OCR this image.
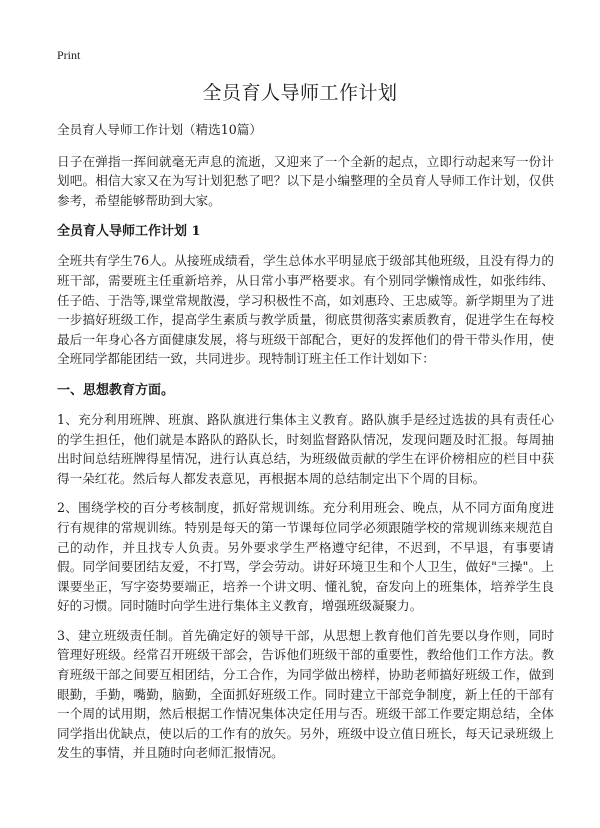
Print
全员育人导师工作计划

全员育人导师工作计划（精选10篇）

日子在弹指一挥间就毫无声息的流逝，又迎来了一个全新的起点，立即行动起来写一份计划吧。相信大家又在为写计划犯愁了吧？以下是小编整理的全员育人导师工作计划，仅供参考，希望能够帮助到大家。

全员育人导师工作计划 1

全班共有学生76人。从接班成绩看，学生总体水平明显底于级部其他班级，且没有得力的班干部，需要班主任重新培养，从日常小事严格要求。有个别同学懒惰成性，如张纬纬、任子皓、于浩等,课堂常规散漫，学习积极性不高，如刘惠玲、王忠威等。新学期里为了进一步搞好班级工作，提高学生素质与教学质量，彻底贯彻落实素质教育，促进学生在每校最后一年身心各方面健康发展，将与班级干部配合，更好的发挥他们的骨干带头作用，使全班同学都能团结一致，共同进步。现特制订班主任工作计划如下：

一、思想教育方面。

1、充分利用班牌、班旗、路队旗进行集体主义教育。路队旗手是经过选拔的具有责任心的学生担任，他们就是本路队的路队长，时刻监督路队情况，发现问题及时汇报。每周抽出时间总结班牌得星情况，进行认真总结，为班级做贡献的学生在评价榜相应的栏目中获得一朵红花。然后每人都发表意见，再根据本周的总结制定出下个周的目标。

2、围绕学校的百分考核制度，抓好常规训练。充分利用班会、晚点，从不同方面角度进行有规律的常规训练。特别是每天的第一节课每位同学必须跟随学校的常规训练来规范自己的动作，并且找专人负责。另外要求学生严格遵守纪律，不迟到，不早退，有事要请假。同学间要团结友爱，不打骂，学会劳动。讲好环境卫生和个人卫生，做好"三操"。上课要坐正，写字姿势要端正，培养一个讲文明、懂礼貌，奋发向上的班集体，培养学生良好的习惯。同时随时向学生进行集体主义教育，增强班级凝聚力。

3、建立班级责任制。首先确定好的领导干部，从思想上教育他们首先要以身作则，同时管理好班级。经常召开班级干部会，告诉他们班级干部的重要性，教给他们工作方法。教育班级干部之间要互相团结，分工合作，为同学做出榜样，协助老师搞好班级工作，做到眼勤，手勤，嘴勤，脑勤，全面抓好班级工作。同时建立干部竞争制度，新上任的干部有一个周的试用期，然后根据工作情况集体决定任用与否。班级干部工作要定期总结，全体同学指出优缺点，使以后的工作有的放矢。另外，班级中设立值日班长，每天记录班级上发生的事情，并且随时向老师汇报情况。
